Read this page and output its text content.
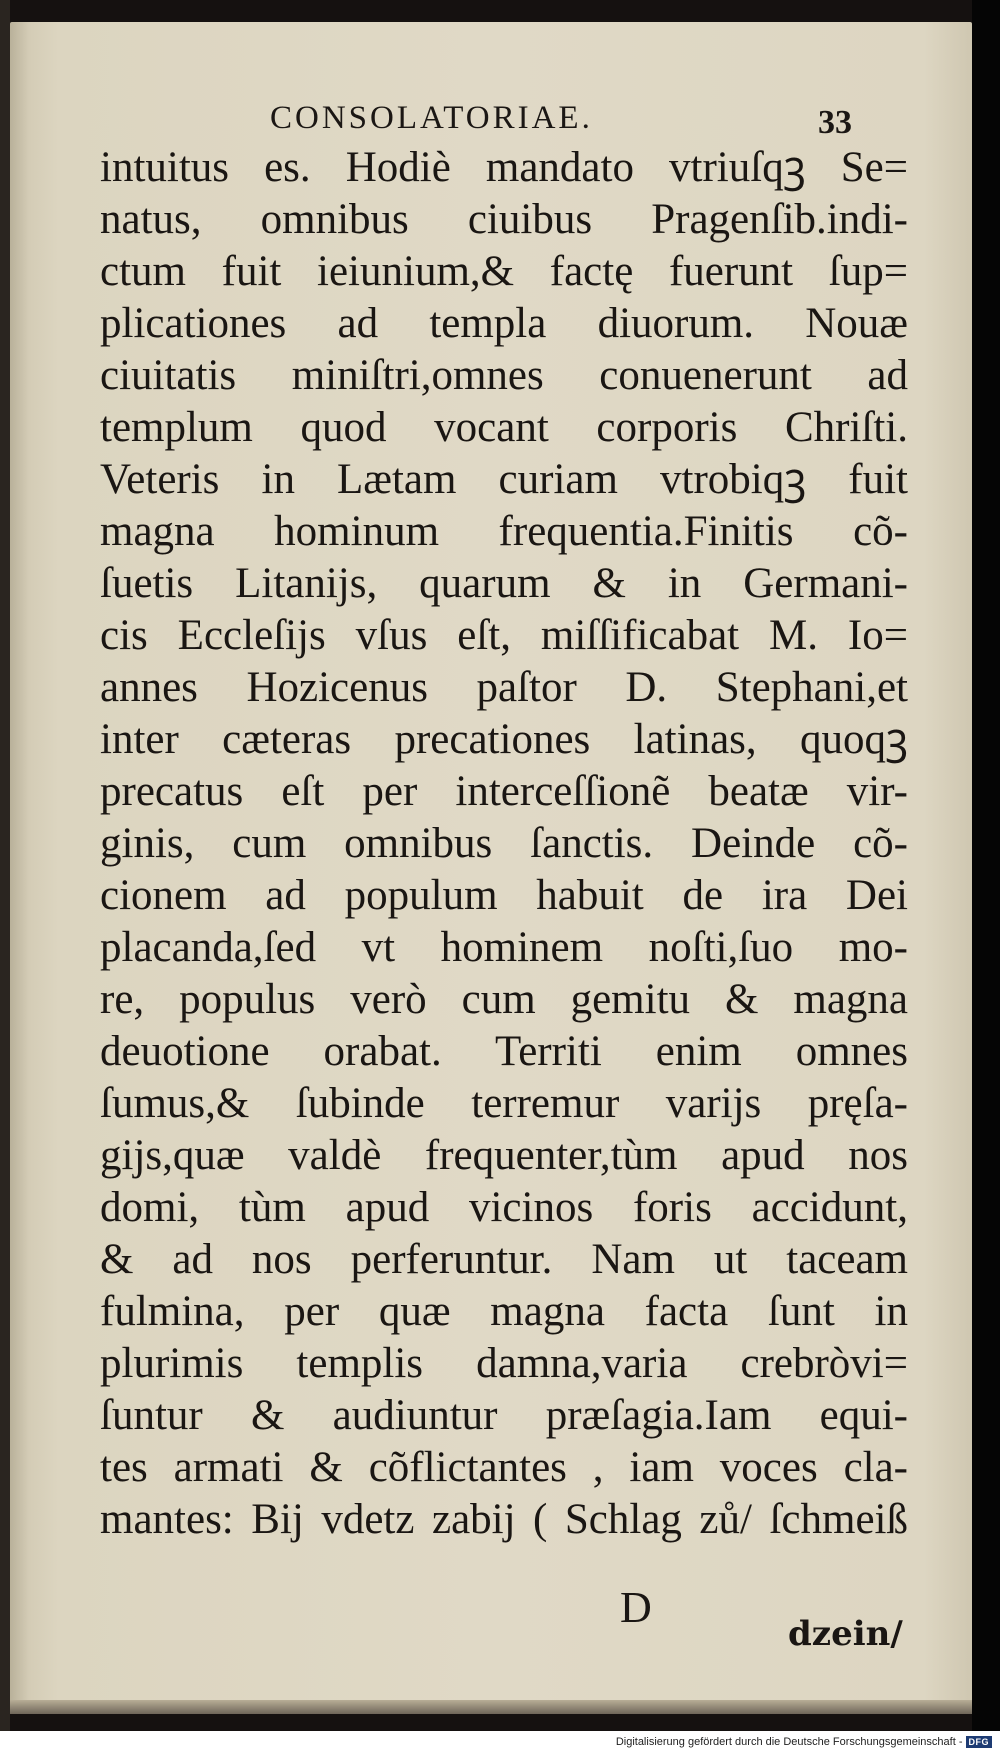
CONSOLATORIAE.	33
intuitus es. Hodiè mandato vtriuſqꝫ Se=
natus, omnibus ciuibus Pragenſib.indi-
ctum fuit ieiunium,& factę fuerunt ſup=
plicationes ad templa diuorum. Nouæ
ciuitatis miniſtri,omnes conuenerunt ad
templum quod vocant corporis Chriſti.
Veteris in Lætam curiam vtrobiqꝫ fuit
magna hominum frequentia.Finitis cõ-
ſuetis Litanijs, quarum & in Germani-
cis Eccleſijs vſus eſt, miſſificabat M. Io=
annes Hozicenus paſtor D. Stephani,et
inter cæteras precationes latinas, quoqꝫ
precatus eſt per interceſſionẽ beatæ vir-
ginis, cum omnibus ſanctis. Deinde cõ-
cionem ad populum habuit de ira Dei
placanda,ſed vt hominem noſti,ſuo mo-
re, populus verò cum gemitu & magna
deuotione orabat. Territi enim omnes
ſumus,& ſubinde terremur varijs pręſa-
gijs,quæ valdè frequenter,tùm apud nos
domi, tùm apud vicinos foris accidunt,
& ad nos perferuntur. Nam ut taceam
fulmina, per quæ magna facta ſunt in
plurimis templis damna,varia crebròvi=
ſuntur & audiuntur præſagia.Iam equi-
tes armati & cõflictantes , iam voces cla-
mantes: Bij vdetz zabij ( Schlag zů/ ſchmeiß
D
dzein/
Digitalisierung gefördert durch die Deutsche Forschungsgemeinschaft - DFG
